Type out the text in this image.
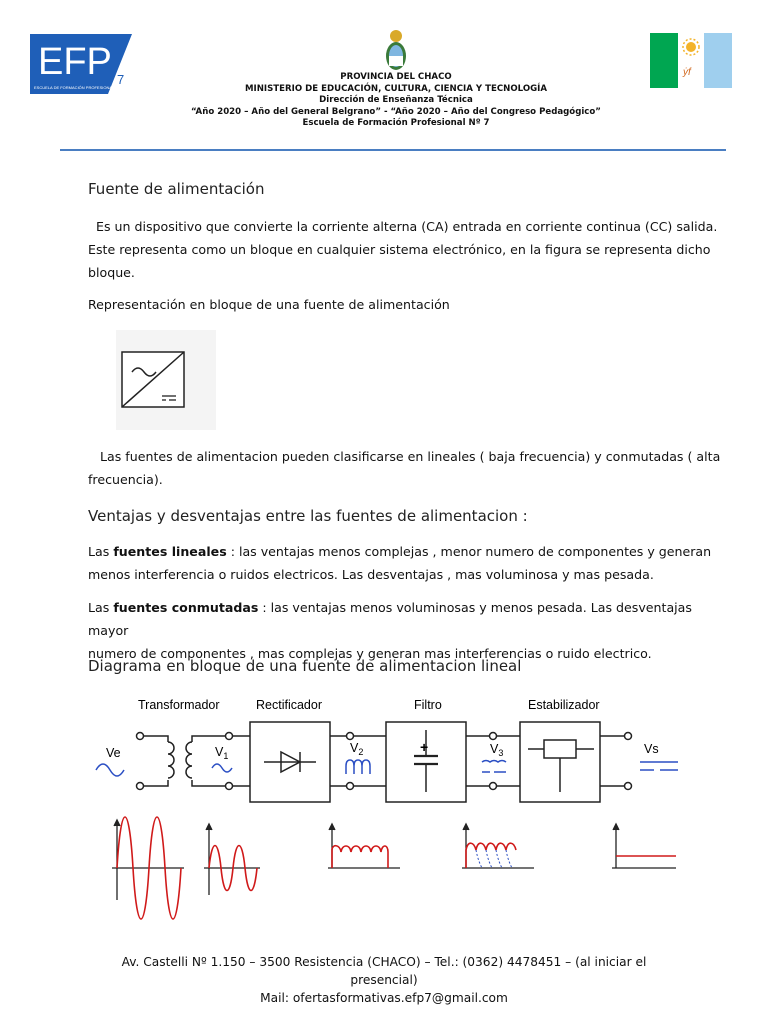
EFP 7
ESCUELA DE FORMACIÓN PROFESIONAL
PROVINCIA DEL CHACO
MINISTERIO DE EDUCACIÓN, CULTURA, CIENCIA Y TECNOLOGÍA
Dirección de Enseñanza Técnica
“Año 2020 – Año del General Belgrano” - “Año 2020 – Año del Congreso Pedagógico”
Escuela de Formación Profesional Nº 7
ẏf
Fuente de alimentación
Es un dispositivo que convierte la corriente alterna (CA) entrada en corriente continua (CC) salida.
Este representa como un bloque en cualquier sistema electrónico, en la figura se representa dicho
bloque.
Representación en bloque de una fuente de alimentación
Las fuentes de alimentacion pueden clasificarse en lineales ( baja frecuencia) y conmutadas ( alta
frecuencia).
Ventajas y desventajas entre las fuentes de alimentacion :
Las fuentes lineales : las ventajas menos complejas , menor numero de componentes y generan
menos interferencia o ruidos electricos. Las desventajas , mas voluminosa y mas pesada.
Las fuentes conmutadas : las ventajas menos voluminosas y menos pesada. Las desventajas mayor
numero de componentes , mas complejas y generan mas interferencias o ruido electrico.
Diagrama en bloque de una fuente de alimentacion lineal
Transformador	Rectificador	Filtro	Estabilizador
+
Ve	$V_1$
$V_2$	$V_3$	Vs
Av. Castelli Nº 1.150 – 3500 Resistencia (CHACO) – Tel.: (0362) 4478451 – (al iniciar el presencial)
Mail: ofertasformativas.efp7@gmail.com
